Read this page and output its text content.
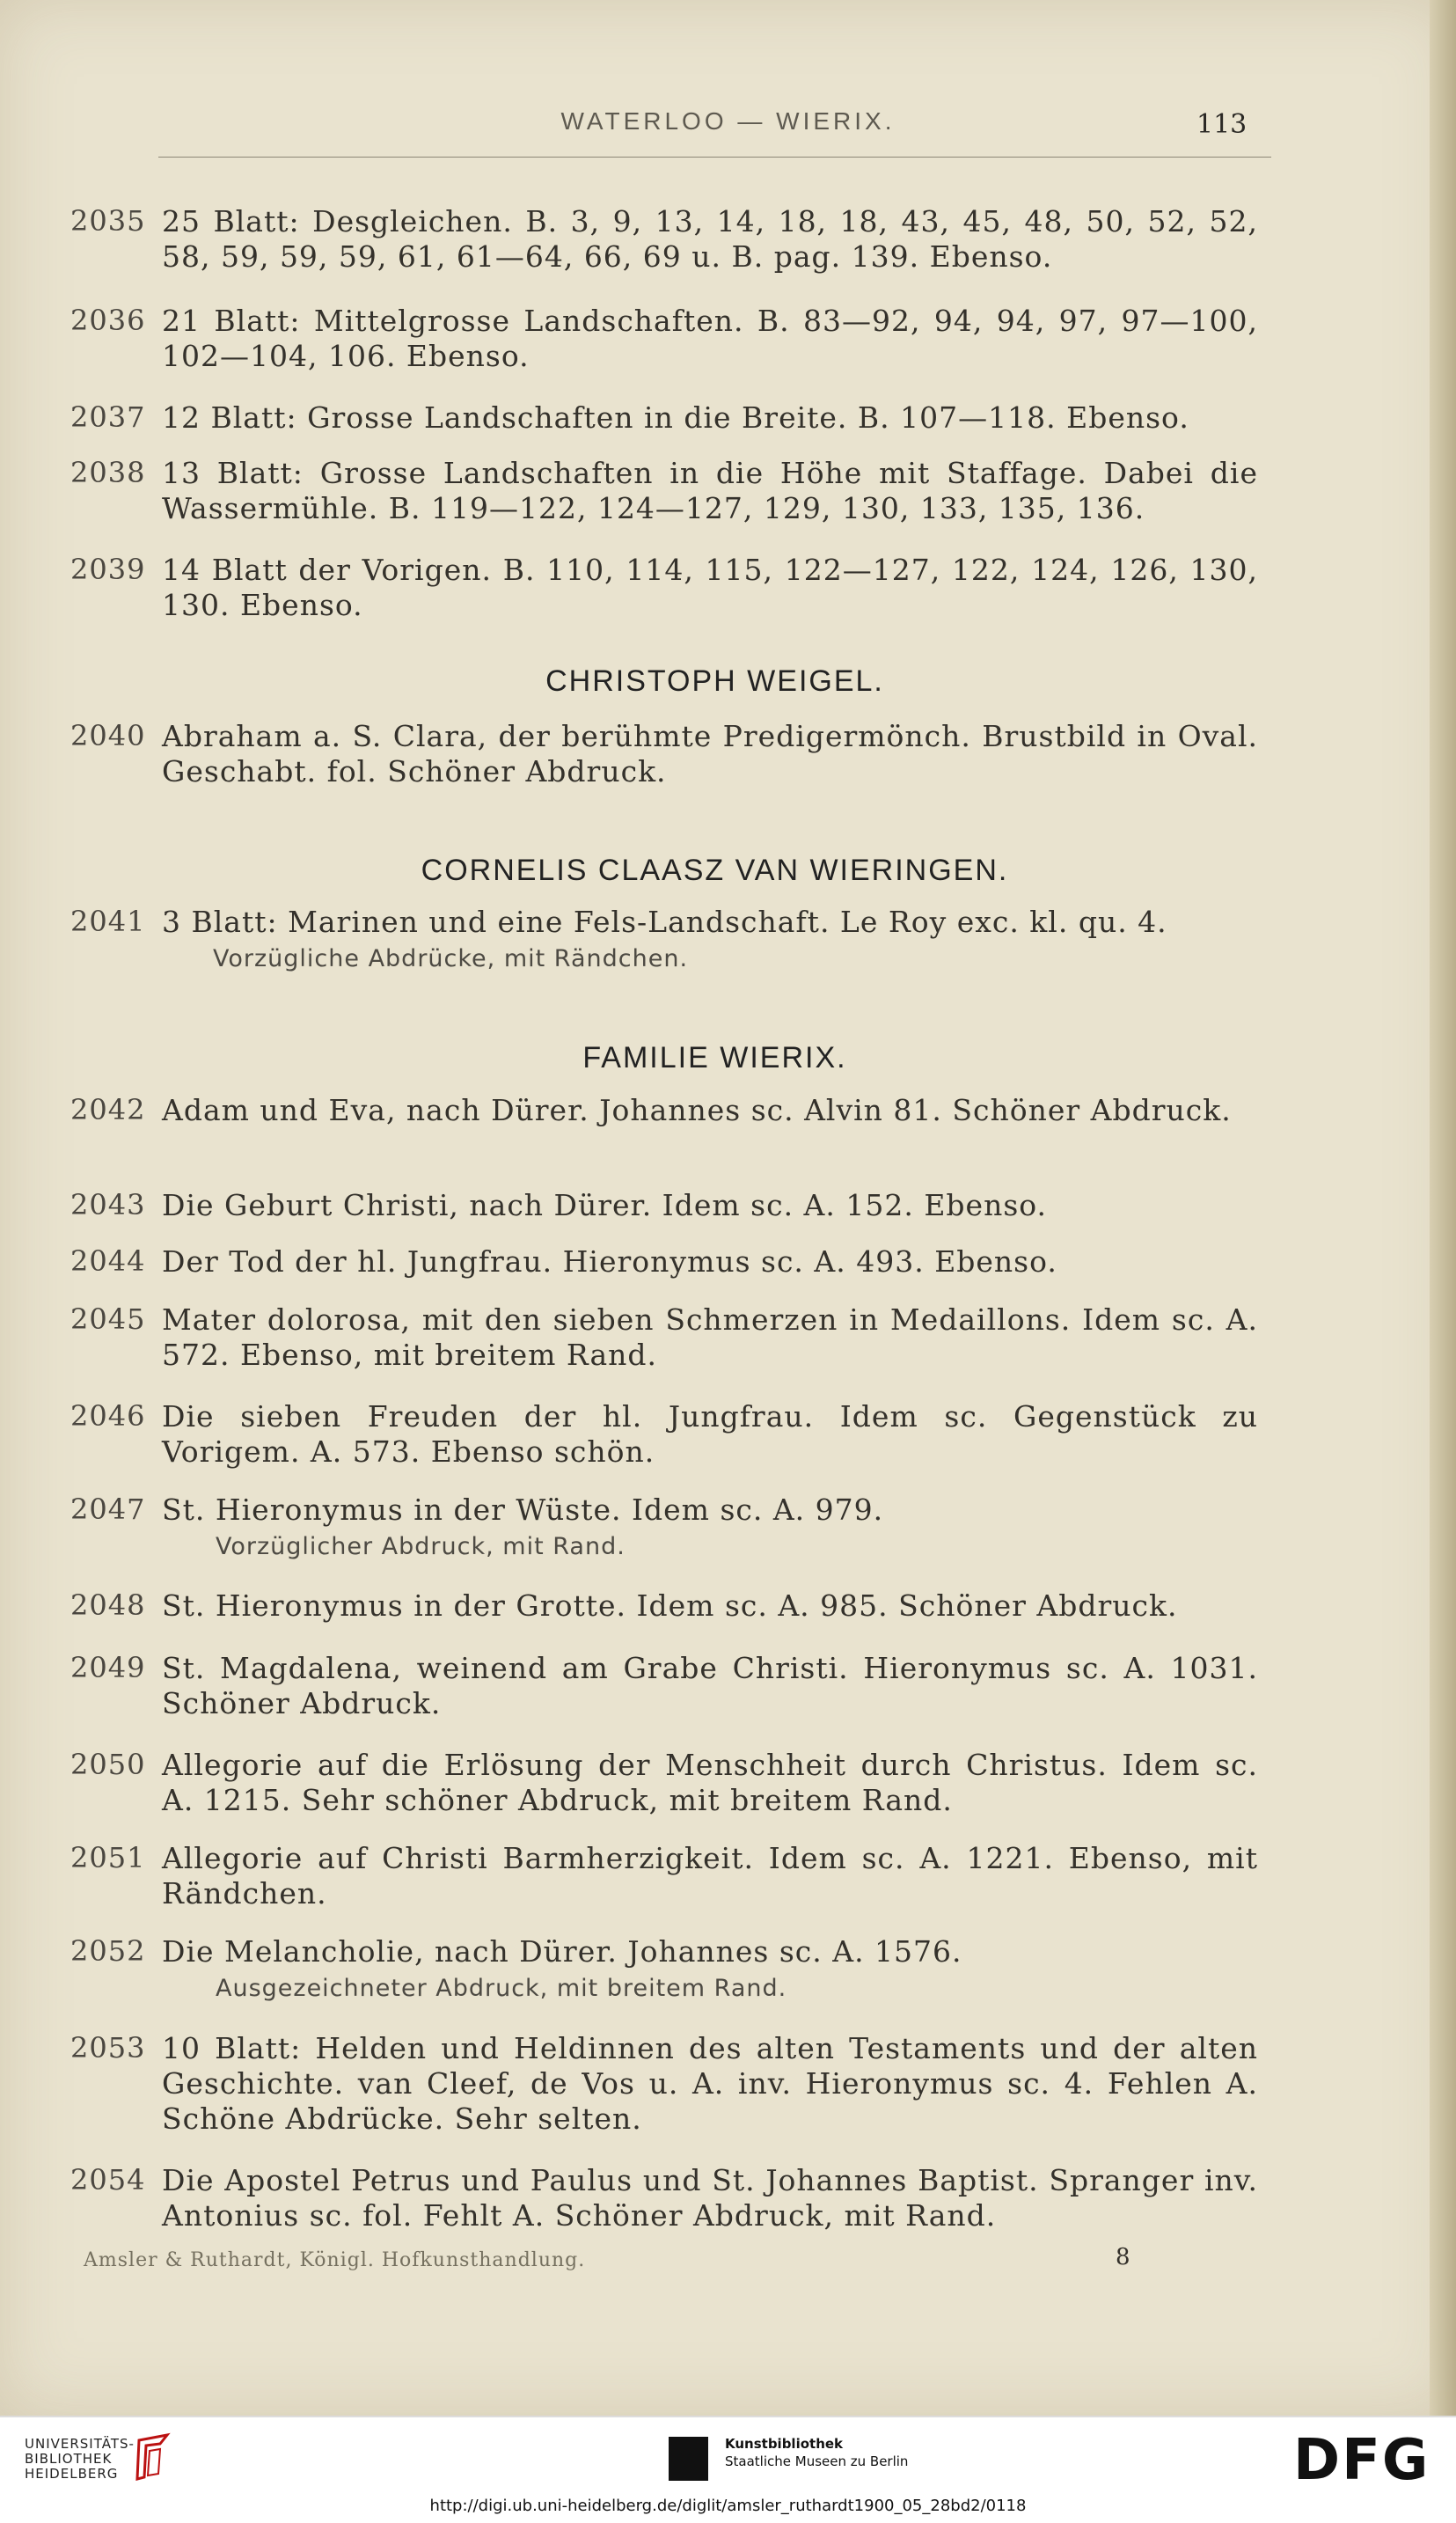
WATERLOO — WIERIX.	113
2035 25 Blatt: Desgleichen. B. 3, 9, 13, 14, 18, 18, 43, 45, 48, 50, 52, 52, 58, 59, 59, 59, 61, 61—64, 66, 69 u. B. pag. 139. Ebenso.
2036 21 Blatt: Mittelgrosse Landschaften. B. 83—92, 94, 94, 97, 97—100, 102—104, 106. Ebenso.
2037 12 Blatt: Grosse Landschaften in die Breite. B. 107—118. Ebenso.
2038 13 Blatt: Grosse Landschaften in die Höhe mit Staffage. Dabei die Wassermühle. B. 119—122, 124—127, 129, 130, 133, 135, 136.
2039 14 Blatt der Vorigen. B. 110, 114, 115, 122—127, 122, 124, 126, 130, 130. Ebenso.
CHRISTOPH WEIGEL.
2040 Abraham a. S. Clara, der berühmte Predigermönch. Brustbild in Oval. Geschabt. fol. Schöner Abdruck.
CORNELIS CLAASZ VAN WIERINGEN.
2041 3 Blatt: Marinen und eine Fels-Landschaft. Le Roy exc. kl. qu. 4.
Vorzügliche Abdrücke, mit Rändchen.
FAMILIE WIERIX.
2042 Adam und Eva, nach Dürer. Johannes sc. Alvin 81. Schöner Abdruck.
2043 Die Geburt Christi, nach Dürer. Idem sc. A. 152. Ebenso.
2044 Der Tod der hl. Jungfrau. Hieronymus sc. A. 493. Ebenso.
2045 Mater dolorosa, mit den sieben Schmerzen in Medaillons. Idem sc. A. 572. Ebenso, mit breitem Rand.
2046 Die sieben Freuden der hl. Jungfrau. Idem sc. Gegenstück zu Vorigem. A. 573. Ebenso schön.
2047 St. Hieronymus in der Wüste. Idem sc. A. 979.
Vorzüglicher Abdruck, mit Rand.
2048 St. Hieronymus in der Grotte. Idem sc. A. 985. Schöner Abdruck.
2049 St. Magdalena, weinend am Grabe Christi. Hieronymus sc. A. 1031. Schöner Abdruck.
2050 Allegorie auf die Erlösung der Menschheit durch Christus. Idem sc. A. 1215. Sehr schöner Abdruck, mit breitem Rand.
2051 Allegorie auf Christi Barmherzigkeit. Idem sc. A. 1221. Ebenso, mit Rändchen.
2052 Die Melancholie, nach Dürer. Johannes sc. A. 1576.
Ausgezeichneter Abdruck, mit breitem Rand.
2053 10 Blatt: Helden und Heldinnen des alten Testaments und der alten Geschichte. van Cleef, de Vos u. A. inv. Hieronymus sc. 4. Fehlen A. Schöne Abdrücke. Sehr selten.
2054 Die Apostel Petrus und Paulus und St. Johannes Baptist. Spranger inv. Antonius sc. fol. Fehlt A. Schöner Abdruck, mit Rand.
Amsler & Ruthardt, Königl. Hofkunsthandlung.	8
UNIVERSITÄTS-
BIBLIOTHEK
HEIDELBERG
Kunstbibliothek
Staatliche Museen zu Berlin	DFG
http://digi.ub.uni-heidelberg.de/diglit/amsler_ruthardt1900_05_28bd2/0118
